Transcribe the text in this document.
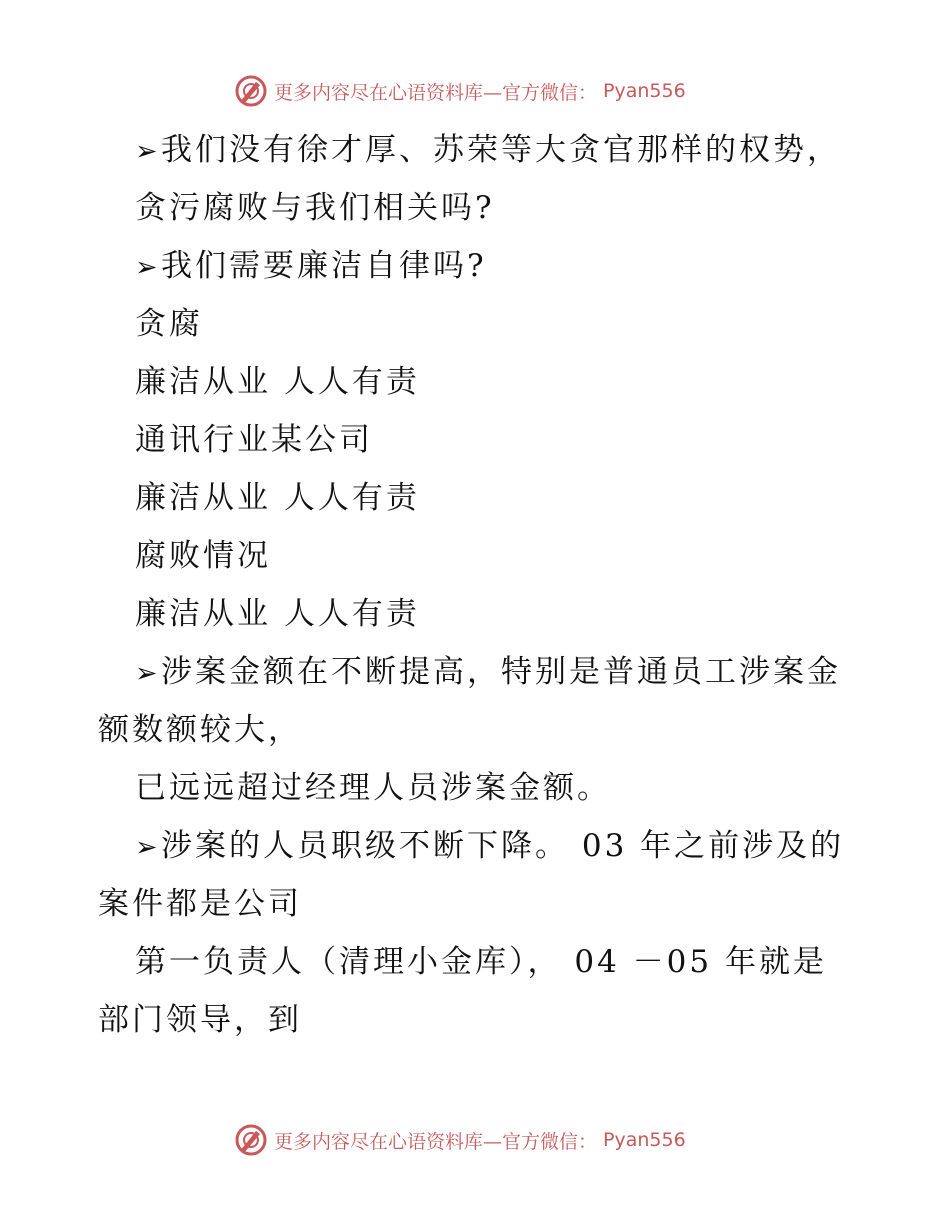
更多内容尽在心语资料库—官方微信： Pyan556
➢ 我们没有徐才厚、苏荣等大贪官那样的权势，
贪污腐败与我们相关吗?
➢ 我们需要廉洁自律吗?
贪腐
廉洁从业 人人有责
通讯行业某公司
廉洁从业 人人有责
腐败情况
廉洁从业 人人有责
➢ 涉案金额在不断提高，特别是普通员工涉案金
额数额较大，
已远远超过经理人员涉案金额。
➢ 涉案的人员职级不断下降。 03 年之前涉及的
案件都是公司
第一负责人（清理小金库）， 04 －05 年就是
部门领导，到
更多内容尽在心语资料库—官方微信： Pyan556
